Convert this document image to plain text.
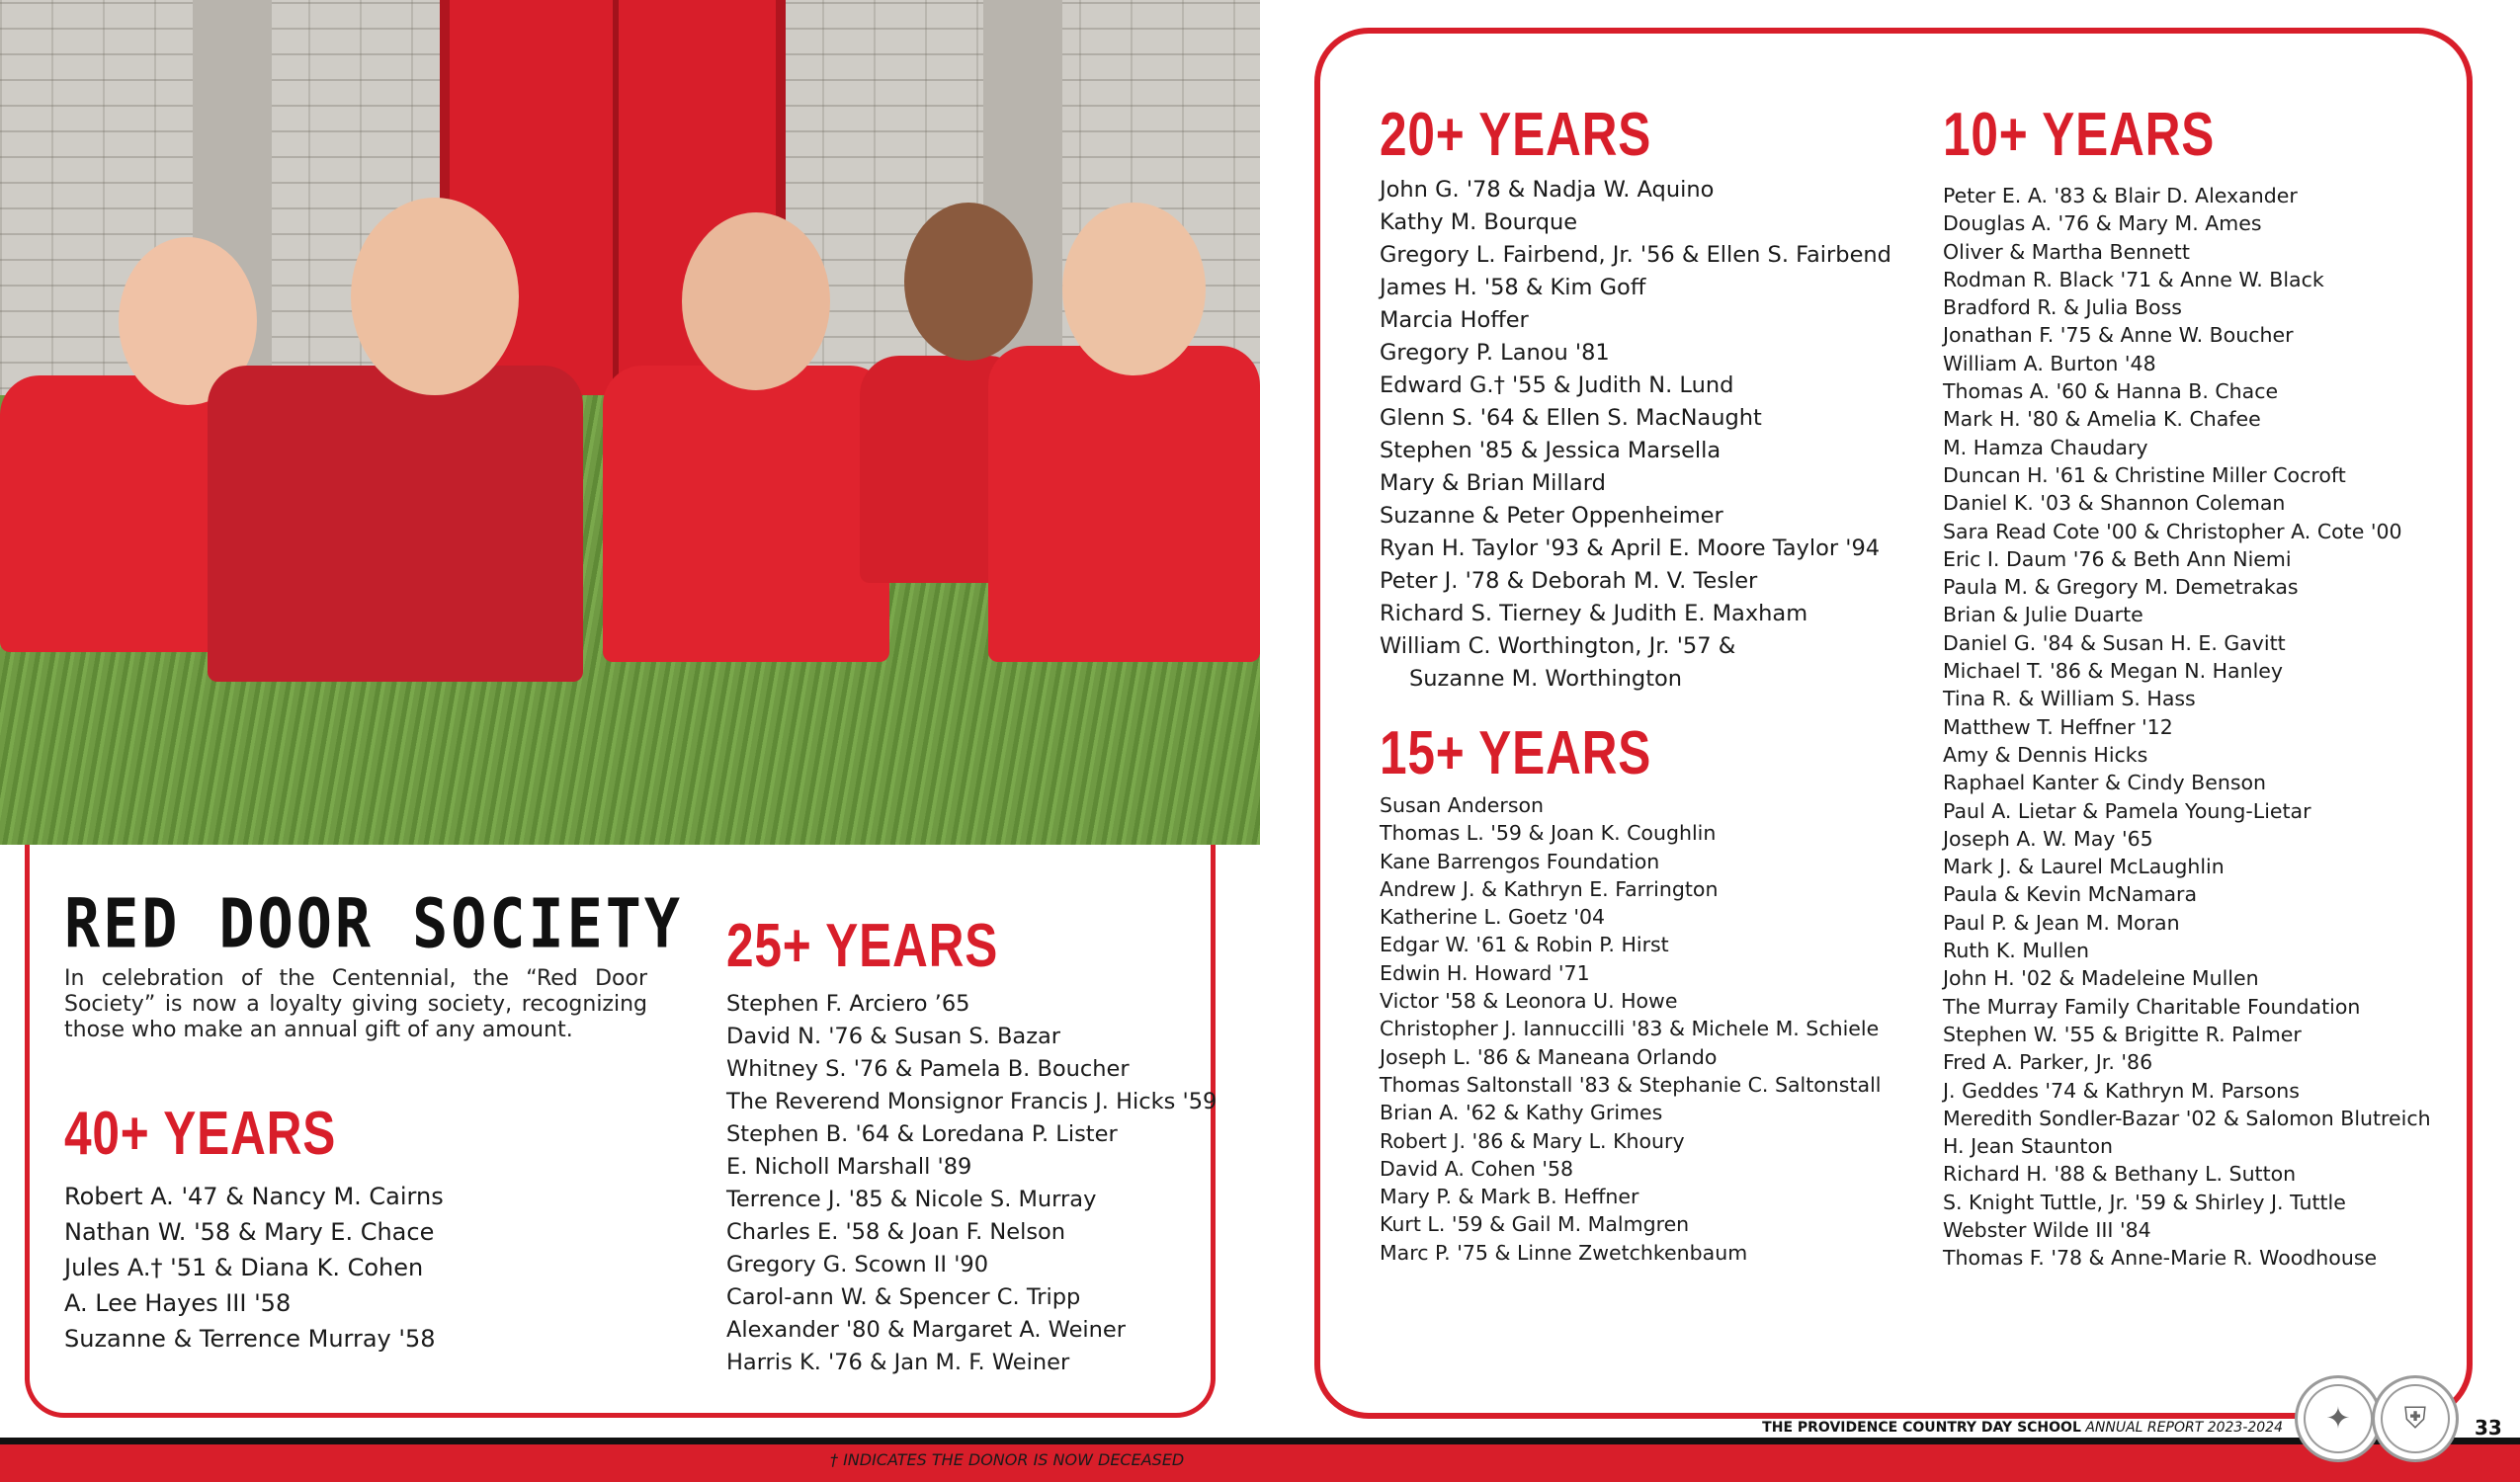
RED DOOR SOCIETY

In celebration of the Centennial, the “Red Door Society” is now a loyalty giving society, recognizing those who make an annual gift of any amount.

40+ YEARS
Robert A. '47 & Nancy M. Cairns
Nathan W. '58 & Mary E. Chace
Jules A.† '51 & Diana K. Cohen
A. Lee Hayes III '58
Suzanne & Terrence Murray '58
25+ YEARS
Stephen F. Arciero ’65
David N. '76 & Susan S. Bazar
Whitney S. '76 & Pamela B. Boucher
The Reverend Monsignor Francis J. Hicks '59
Stephen B. '64 & Loredana P. Lister
E. Nicholl Marshall '89
Terrence J. '85 & Nicole S. Murray
Charles E. '58 & Joan F. Nelson
Gregory G. Scown II '90
Carol-ann W. & Spencer C. Tripp
Alexander '80 & Margaret A. Weiner
Harris K. '76 & Jan M. F. Weiner
20+ YEARS
John G. '78 & Nadja W. Aquino
Kathy M. Bourque
Gregory L. Fairbend, Jr. '56 & Ellen S. Fairbend
James H. '58 & Kim Goff
Marcia Hoffer
Gregory P. Lanou '81
Edward G.† '55 & Judith N. Lund
Glenn S. '64 & Ellen S. MacNaught
Stephen '85 & Jessica Marsella
Mary & Brian Millard
Suzanne & Peter Oppenheimer
Ryan H. Taylor '93 & April E. Moore Taylor '94
Peter J. '78 & Deborah M. V. Tesler
Richard S. Tierney & Judith E. Maxham
William C. Worthington, Jr. '57 &
Suzanne M. Worthington
15+ YEARS
Susan Anderson
Thomas L. '59 & Joan K. Coughlin
Kane Barrengos Foundation
Andrew J. & Kathryn E. Farrington
Katherine L. Goetz '04
Edgar W. '61 & Robin P. Hirst
Edwin H. Howard '71
Victor '58 & Leonora U. Howe
Christopher J. Iannuccilli '83 & Michele M. Schiele
Joseph L. '86 & Maneana Orlando
Thomas Saltonstall '83 & Stephanie C. Saltonstall
Brian A. '62 & Kathy Grimes
Robert J. '86 & Mary L. Khoury
David A. Cohen '58
Mary P. & Mark B. Heffner
Kurt L. '59 & Gail M. Malmgren
Marc P. '75 & Linne Zwetchkenbaum
10+ YEARS
Peter E. A. '83 & Blair D. Alexander
Douglas A. '76 & Mary M. Ames
Oliver & Martha Bennett
Rodman R. Black '71 & Anne W. Black
Bradford R. & Julia Boss
Jonathan F. '75 & Anne W. Boucher
William A. Burton '48
Thomas A. '60 & Hanna B. Chace
Mark H. '80 & Amelia K. Chafee
M. Hamza Chaudary
Duncan H. '61 & Christine Miller Cocroft
Daniel K. '03 & Shannon Coleman
Sara Read Cote '00 & Christopher A. Cote '00
Eric I. Daum '76 & Beth Ann Niemi
Paula M. & Gregory M. Demetrakas
Brian & Julie Duarte
Daniel G. '84 & Susan H. E. Gavitt
Michael T. '86 & Megan N. Hanley
Tina R. & William S. Hass
Matthew T. Heffner '12
Amy & Dennis Hicks
Raphael Kanter & Cindy Benson
Paul A. Lietar & Pamela Young-Lietar
Joseph A. W. May '65
Mark J. & Laurel McLaughlin
Paula & Kevin McNamara
Paul P. & Jean M. Moran
Ruth K. Mullen
John H. '02 & Madeleine Mullen
The Murray Family Charitable Foundation
Stephen W. '55 & Brigitte R. Palmer
Fred A. Parker, Jr. '86
J. Geddes '74 & Kathryn M. Parsons
Meredith Sondler-Bazar '02 & Salomon Blutreich
H. Jean Staunton
Richard H. '88 & Bethany L. Sutton
S. Knight Tuttle, Jr. '59 & Shirley J. Tuttle
Webster Wilde III '84
Thomas F. '78 & Anne-Marie R. Woodhouse
† INDICATES THE DONOR IS NOW DECEASED
THE PROVIDENCE COUNTRY DAY SCHOOL ANNUAL REPORT 2023-2024 ✦ ⛨ 33
